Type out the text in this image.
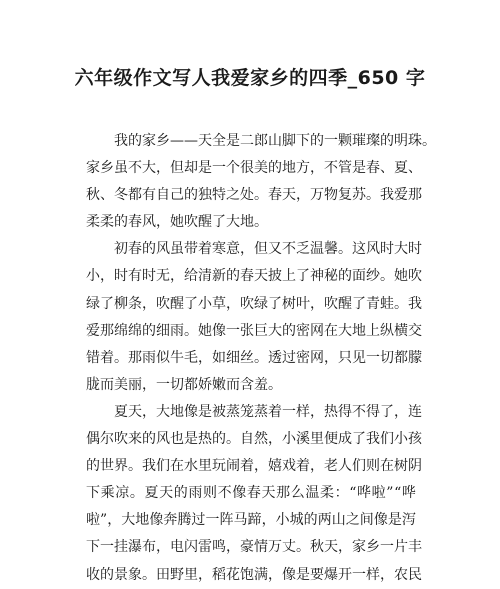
六年级作文写人我爱家乡的四季_650 字
我 的 家 乡 — — 天 全 是 二 郎 山 脚 下 的 一 颗 璀 璨 的 明 珠 。
家 乡 虽 不 大 ， 但 却 是 一 个 很 美 的 地 方 ， 不 管 是 春 、 夏 、
秋 、 冬 都 有 自 己 的 独 特 之 处 。 春 天 ， 万 物 复 苏 。 我 爱 那
柔柔的春风，她吹醒了大地。
初 春 的 风 虽 带 着 寒 意 ， 但 又 不 乏 温 馨 。 这 风 时 大 时
小 ， 时 有 时 无 ， 给 清 新 的 春 天 披 上 了 神 秘 的 面 纱 。 她 吹
绿 了 柳 条 ， 吹 醒 了 小 草 ， 吹 绿 了 树 叶 ， 吹 醒 了 青 蛙 。 我
爱 那 绵 绵 的 细 雨 。 她 像 一 张 巨 大 的 密 网 在 大 地 上 纵 横 交
错 着 。 那 雨 似 牛 毛 ， 如 细 丝 。 透 过 密 网 ， 只 见 一 切 都 朦
胧而美丽，一切都娇嫩而含羞。
夏 天 ， 大 地 像 是 被 蒸 笼 蒸 着 一 样 ， 热 得 不 得 了 ， 连
偶 尔 吹 来 的 风 也 是 热 的 。 自 然 ， 小 溪 里 便 成 了 我 们 小 孩
的 世 界 。 我 们 在 水 里 玩 闹 着 ， 嬉 戏 着 ， 老 人 们 则 在 树 阴
下 乘 凉 。 夏 天 的 雨 则 不 像 春 天 那 么 温 柔 ： “ 哗 啦 ” “ 哗
啦 ” ， 大 地 像 奔 腾 过 一 阵 马 蹄 ， 小 城 的 两 山 之 间 像 是 泻
下 一 挂 瀑 布 ， 电 闪 雷 鸣 ， 豪 情 万 丈 。 秋 天 ， 家 乡 一 片 丰
收 的 景 象 。 田 野 里 ， 稻 花 饱 满 ， 像 是 要 爆 开 一 样 ， 农 民
